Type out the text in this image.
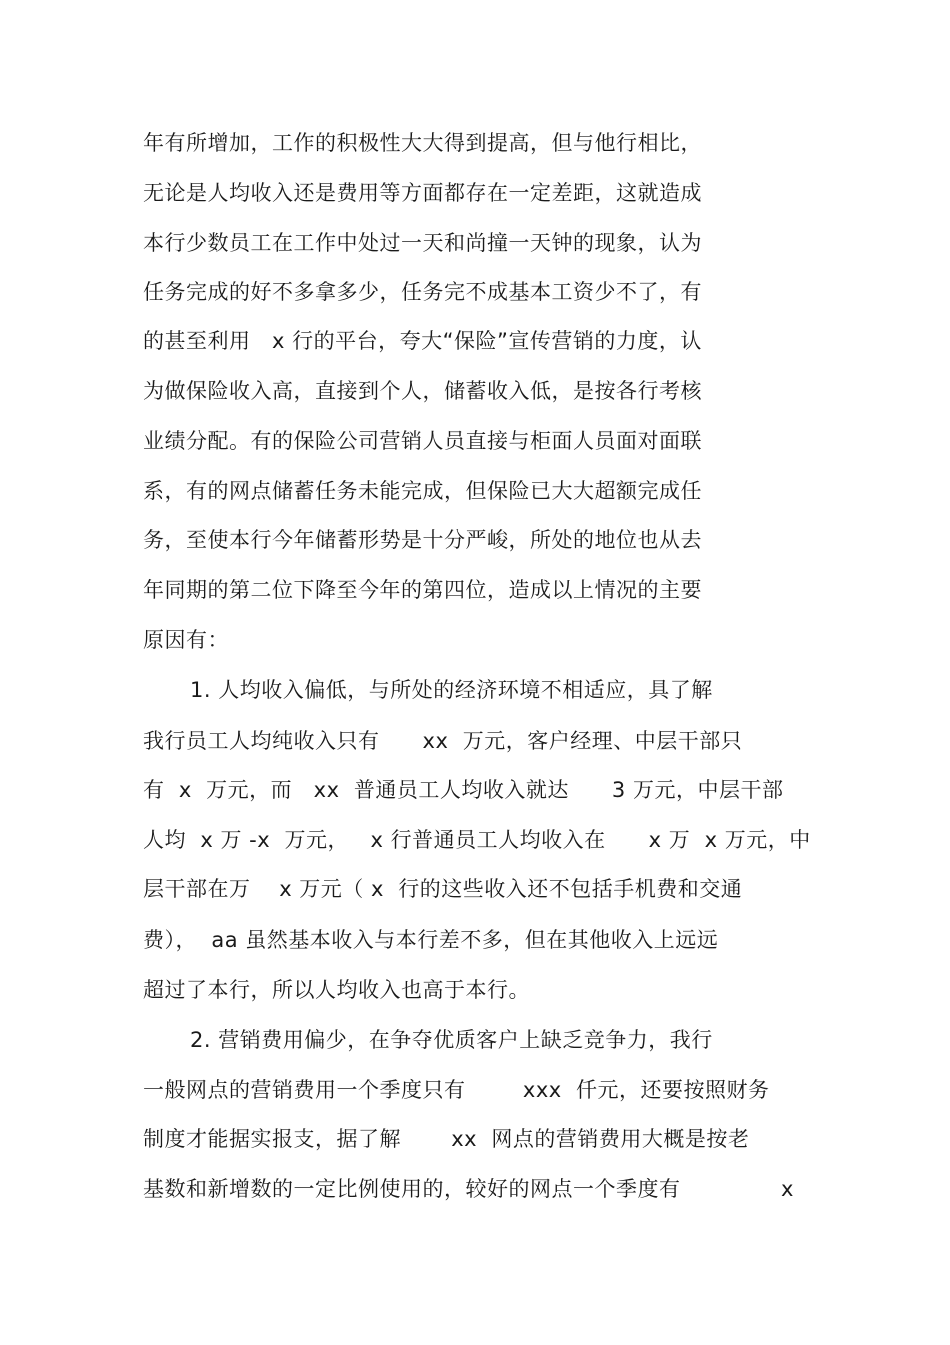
年有所增加，工作的积极性大大得到提高，但与他行相比，
无论是人均收入还是费用等方面都存在一定差距，这就造成
本行少数员工在工作中处过一天和尚撞一天钟的现象，认为
任务完成的好不多拿多少，任务完不成基本工资少不了，有
的甚至利用   x 行的平台，夸大“保险”宣传营销的力度，认
为做保险收入高，直接到个人，储蓄收入低，是按各行考核
业绩分配。有的保险公司营销人员直接与柜面人员面对面联
系，有的网点储蓄任务未能完成，但保险已大大超额完成任
务，至使本行今年储蓄形势是十分严峻，所处的地位也从去
年同期的第二位下降至今年的第四位，造成以上情况的主要
原因有：
1. 人均收入偏低，与所处的经济环境不相适应，具了解
我行员工人均纯收入只有      xx  万元，客户经理、中层干部只
有  x  万元，而   xx  普通员工人均收入就达      3 万元，中层干部
人均  x 万 -x  万元，   x 行普通员工人均收入在      x 万  x 万元，中
层干部在万    x 万元（ x  行的这些收入还不包括手机费和交通
费），  aa 虽然基本收入与本行差不多，但在其他收入上远远
超过了本行，所以人均收入也高于本行。
2. 营销费用偏少，在争夺优质客户上缺乏竞争力，我行
一般网点的营销费用一个季度只有        xxx  仟元，还要按照财务
制度才能据实报支，据了解       xx  网点的营销费用大概是按老
基数和新增数的一定比例使用的，较好的网点一个季度有              x
